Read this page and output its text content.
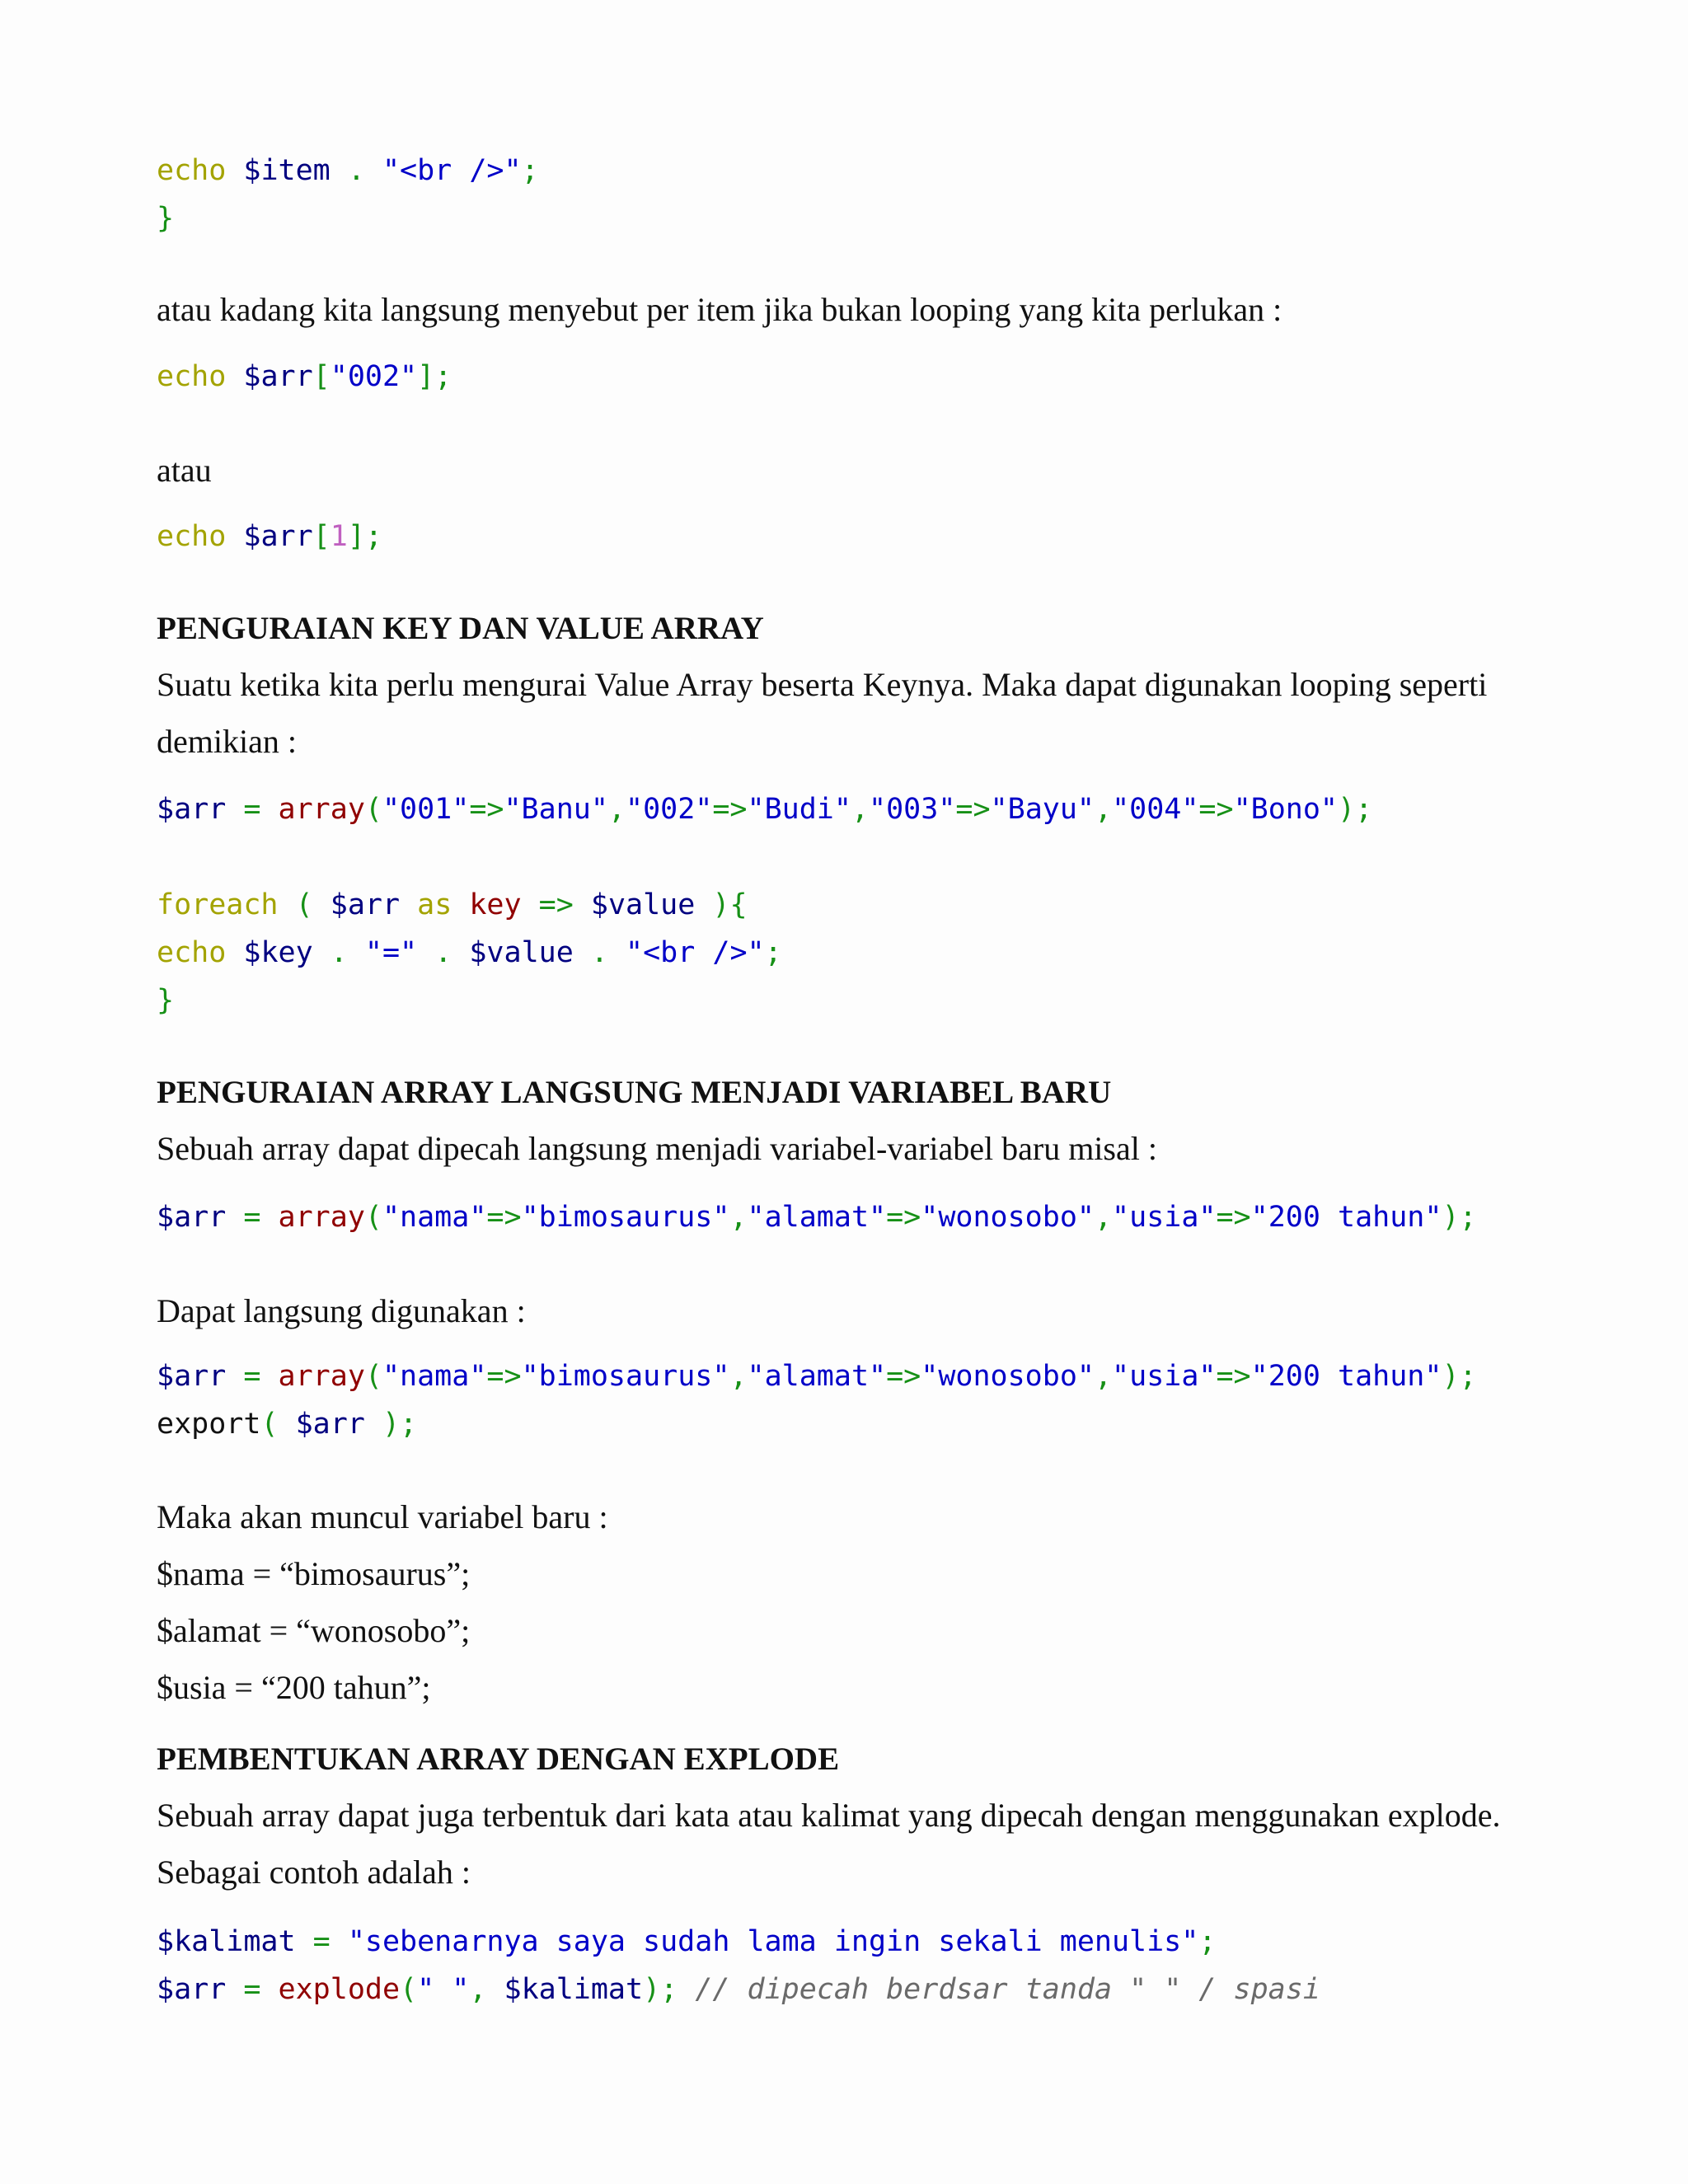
echo $item . "<br />";
}
atau kadang kita langsung menyebut per item jika bukan looping yang kita perlukan :
echo $arr["002"];
atau
echo $arr[1];
PENGURAIAN KEY DAN VALUE ARRAY
Suatu ketika kita perlu mengurai Value Array beserta Keynya. Maka dapat digunakan looping seperti demikian :
$arr = array("001"=>"Banu","002"=>"Budi","003"=>"Bayu","004"=>"Bono");
foreach ( $arr as key => $value ){
echo $key . "=" . $value . "<br />";
}
PENGURAIAN ARRAY LANGSUNG MENJADI VARIABEL BARU
Sebuah array dapat dipecah langsung menjadi variabel-variabel baru misal :
$arr = array("nama"=>"bimosaurus","alamat"=>"wonosobo","usia"=>"200 tahun");
Dapat langsung digunakan :
$arr = array("nama"=>"bimosaurus","alamat"=>"wonosobo","usia"=>"200 tahun");
export( $arr );
Maka akan muncul variabel baru :
$nama = “bimosaurus”;
$alamat = “wonosobo”;
$usia = “200 tahun”;
PEMBENTUKAN ARRAY DENGAN EXPLODE
Sebuah array dapat juga terbentuk dari kata atau kalimat yang dipecah dengan menggunakan explode. Sebagai contoh adalah :
$kalimat = "sebenarnya saya sudah lama ingin sekali menulis";
$arr = explode(" ", $kalimat); // dipecah berdsar tanda " " / spasi
